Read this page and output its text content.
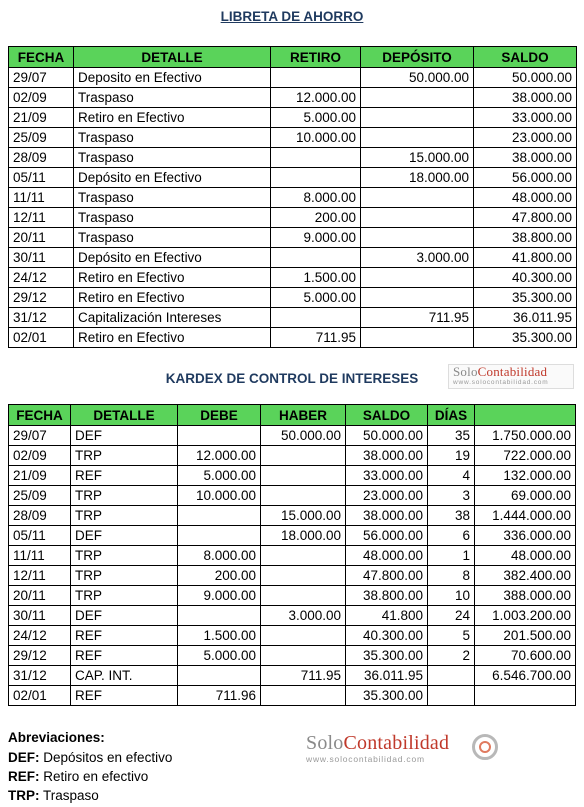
LIBRETA DE AHORRO
FECHA	DETALLE	RETIRO	DEPÓSITO	SALDO
29/07	Deposito en Efectivo		50.000.00	50.000.00
02/09	Traspaso	12.000.00		38.000.00
21/09	Retiro en Efectivo	5.000.00		33.000.00
25/09	Traspaso	10.000.00		23.000.00
28/09	Traspaso		15.000.00	38.000.00
05/11	Depósito en Efectivo		18.000.00	56.000.00
11/11	Traspaso	8.000.00		48.000.00
12/11	Traspaso	200.00		47.800.00
20/11	Traspaso	9.000.00		38.800.00
30/11	Depósito en Efectivo		3.000.00	41.800.00
24/12	Retiro en Efectivo	1.500.00		40.300.00
29/12	Retiro en Efectivo	5.000.00		35.300.00
31/12	Capitalización Intereses		711.95	36.011.95
02/01	Retiro en Efectivo	711.95		35.300.00
KARDEX DE CONTROL DE INTERESES	SoloContabilidad
www.solocontabilidad.com
FECHA	DETALLE	DEBE	HABER	SALDO	DÍAS	
29/07	DEF		50.000.00	50.000.00	35	1.750.000.00
02/09	TRP	12.000.00		38.000.00	19	722.000.00
21/09	REF	5.000.00		33.000.00	4	132.000.00
25/09	TRP	10.000.00		23.000.00	3	69.000.00
28/09	TRP		15.000.00	38.000.00	38	1.444.000.00
05/11	DEF		18.000.00	56.000.00	6	336.000.00
11/11	TRP	8.000.00		48.000.00	1	48.000.00
12/11	TRP	200.00		47.800.00	8	382.400.00
20/11	TRP	9.000.00		38.800.00	10	388.000.00
30/11	DEF		3.000.00	41.800	24	1.003.200.00
24/12	REF	1.500.00		40.300.00	5	201.500.00
29/12	REF	5.000.00		35.300.00	2	70.600.00
31/12	CAP. INT.		711.95	36.011.95		6.546.700.00
02/01	REF	711.96		35.300.00		
Abreviaciones:
DEF: Depósitos en efectivo
REF: Retiro en efectivo
TRP: Traspaso
SoloContabilidad
www.solocontabilidad.com
